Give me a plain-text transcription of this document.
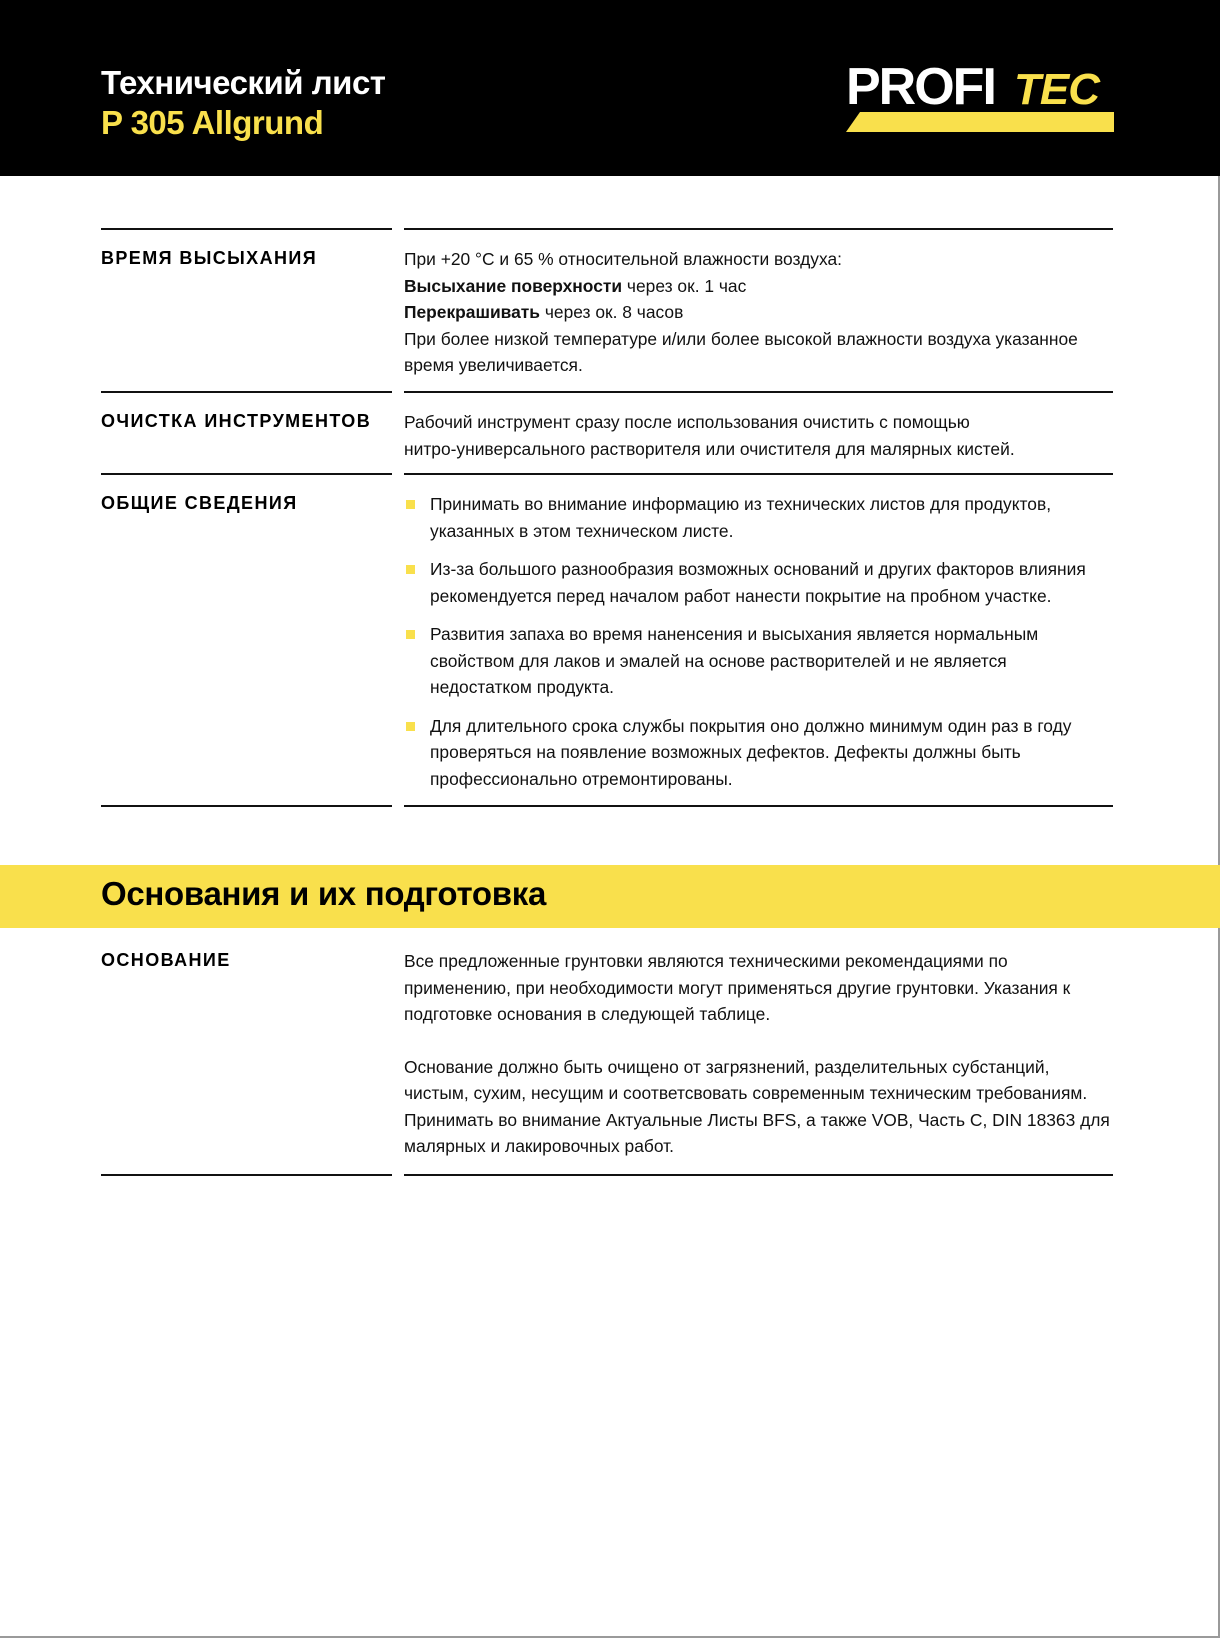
Технический лист
P 305 Allgrund
PROFI TEC
ВРЕМЯ ВЫСЫХАНИЯ	При +20 °C и 65 % относительной влажности воздуха:

Высыхание поверхности через ок. 1 час

Перекрашивать через ок. 8 часов

При более низкой температуре и/или более высокой влажности воздуха указанное время увеличивается.

ОЧИСТКА ИНСТРУМЕНТОВ Рабочий инструмент сразу после использования очистить с помощью

нитро-универсального растворителя или очистителя для малярных кистей.

ОБЩИЕ СВЕДЕНИЯ	Принимать во внимание информацию из технических листов для продуктов, указанных в этом техническом листе.
Из-за большого разнообразия возможных оснований и других факторов влияния рекомендуется перед началом работ нанести покрытие на пробном участке.
Развития запаха во время наненсения и высыхания является нормальным свойством для лаков и эмалей на основе растворителей и не является недостатком продукта.
Для длительного срока службы покрытия оно должно минимум один раз в году проверяться на появление возможных дефектов. Дефекты должны быть профессионально отремонтированы.
Основания и их подготовка
ОСНОВАНИЕ	Все предложенные грунтовки являются техническими рекомендациями по применению, при необходимости могут применяться другие грунтовки. Указания к подготовке основания в следующей таблице.

Основание должно быть очищено от загрязнений, разделительных субстанций, чистым, сухим, несущим и соответсвовать современным техническим требованиям. Принимать во внимание Актуальные Листы BFS, а также VOB, Часть С, DIN 18363 для малярных и лакировочных работ.
